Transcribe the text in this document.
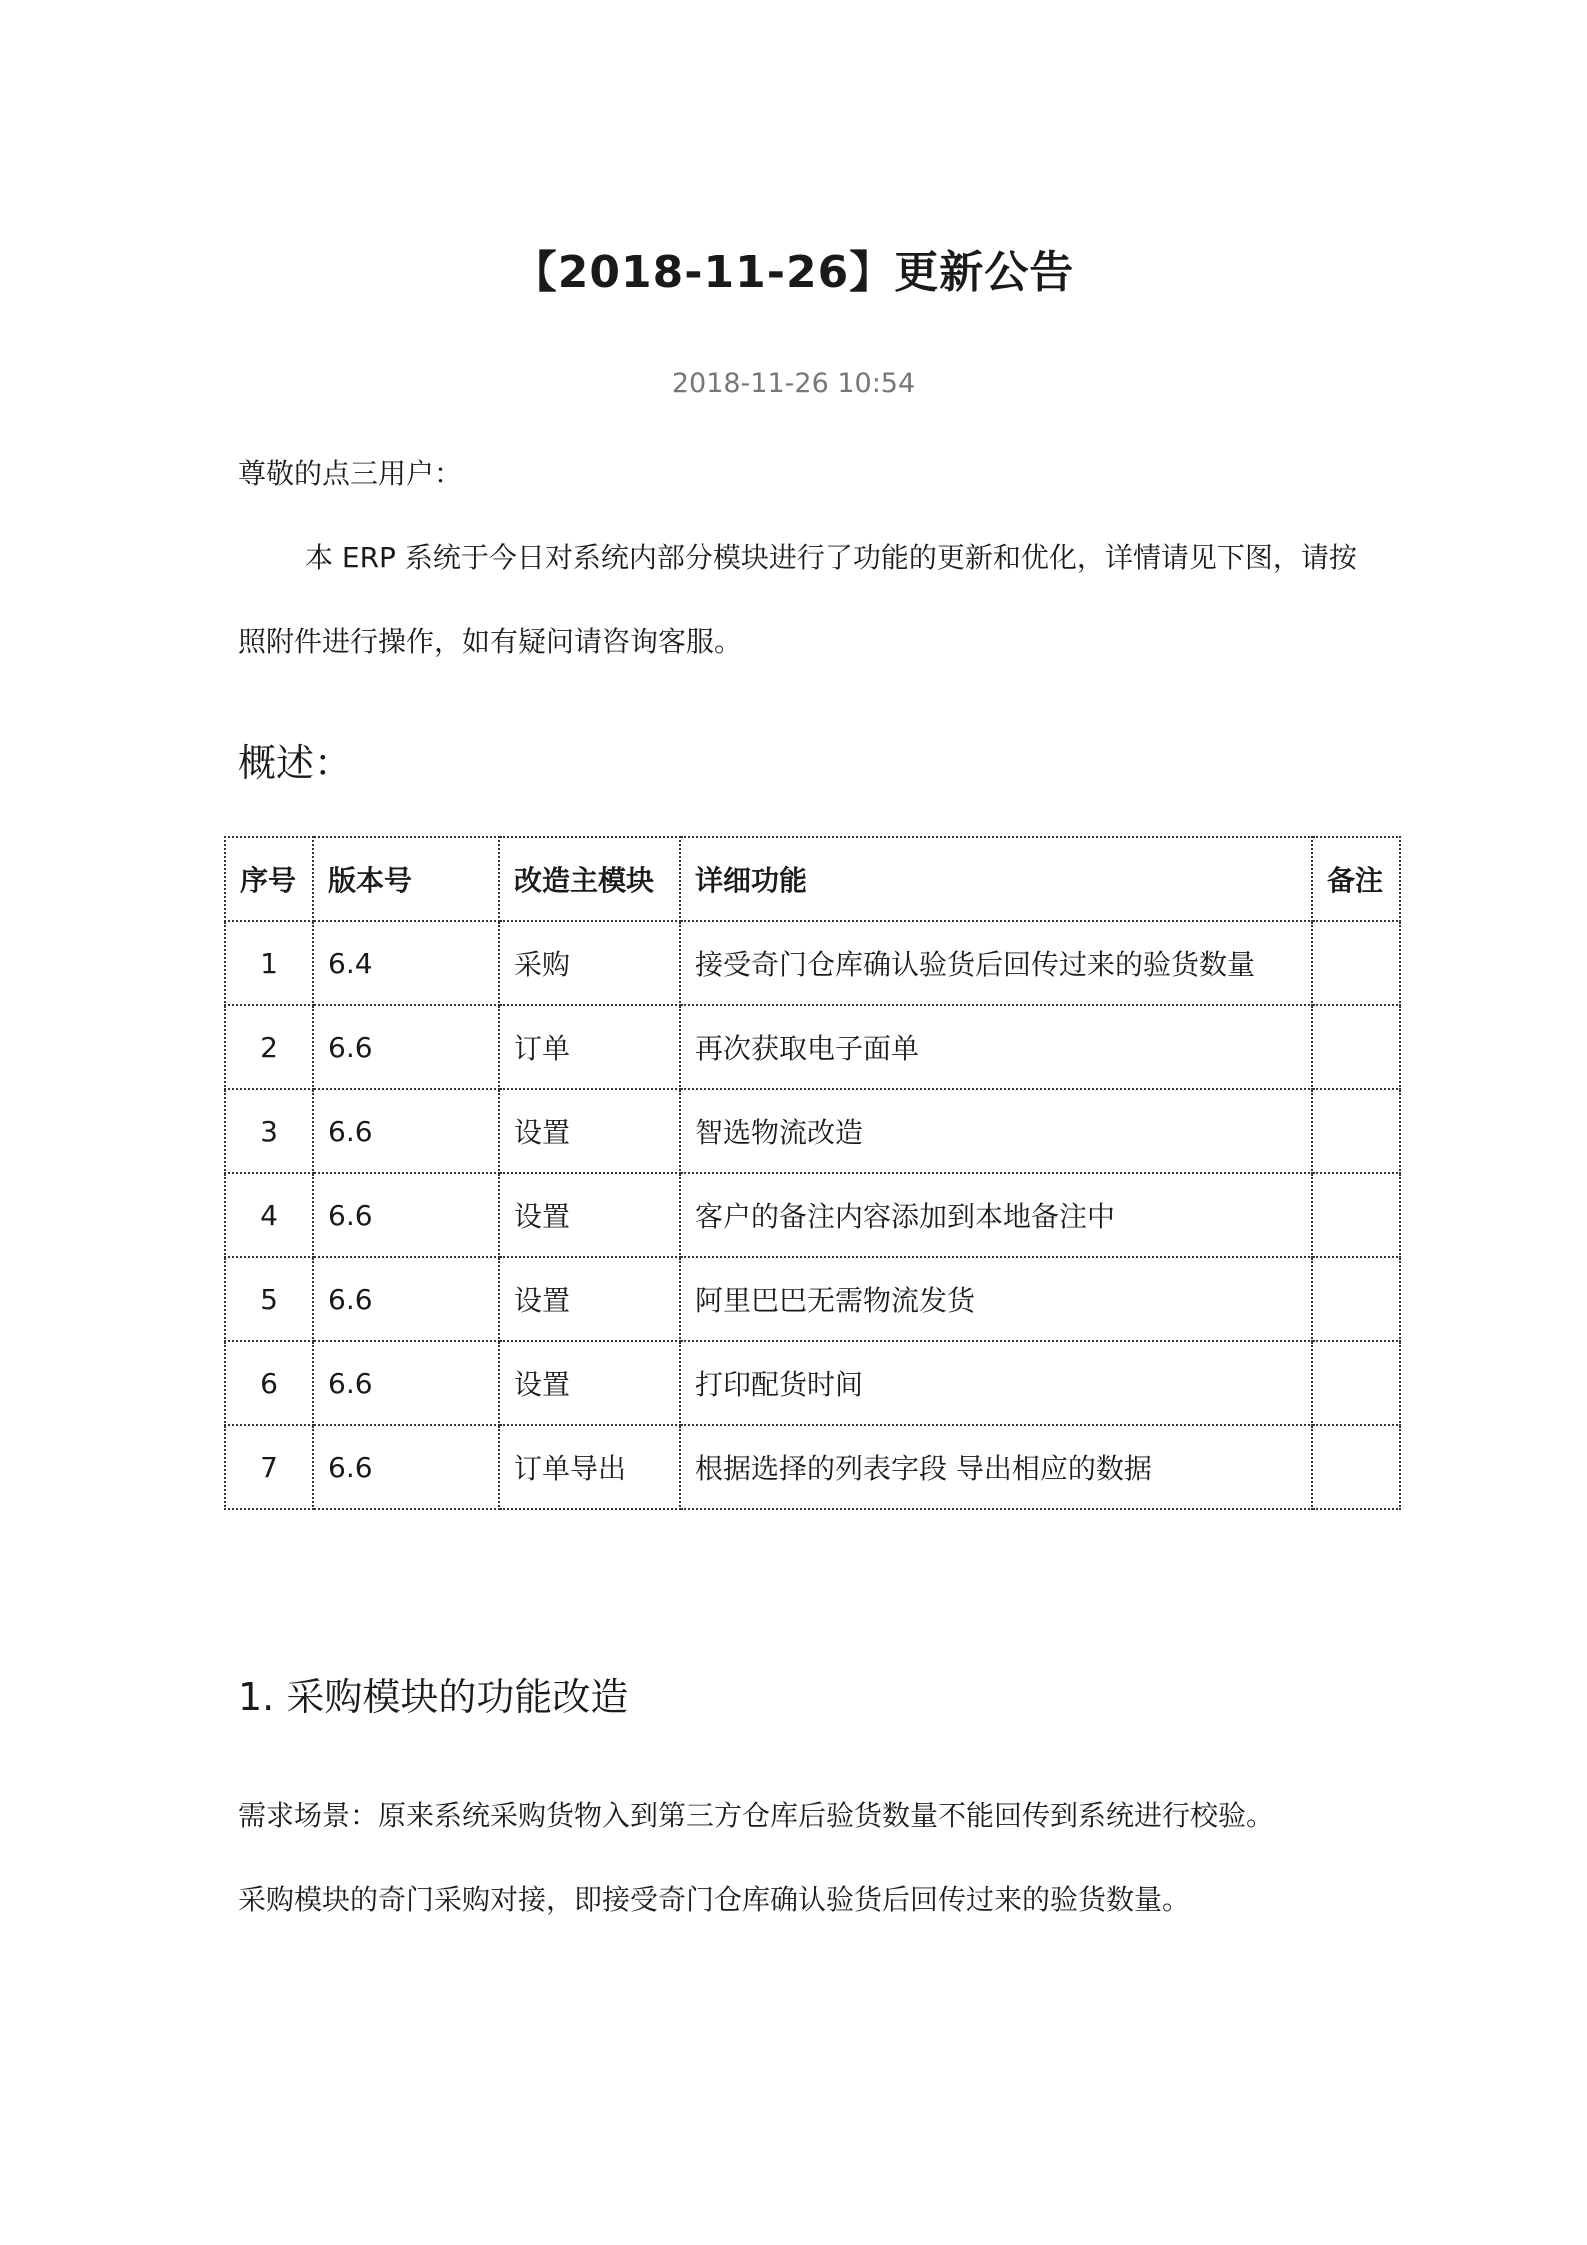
【2018-11-26】更新公告
2018-11-26 10:54
尊敬的点三用户：
本 ERP 系统于今日对系统内部分模块进行了功能的更新和优化，详情请见下图，请按
照附件进行操作，如有疑问请咨询客服。
概述：
序号	版本号	改造主模块	详细功能	备注
1	6.4	采购	接受奇门仓库确认验货后回传过来的验货数量	
2	6.6	订单	再次获取电子面单	
3	6.6	设置	智选物流改造	
4	6.6	设置	客户的备注内容添加到本地备注中	
5	6.6	设置	阿里巴巴无需物流发货	
6	6.6	设置	打印配货时间	
7	6.6	订单导出	根据选择的列表字段 导出相应的数据	
1. 采购模块的功能改造
需求场景：原来系统采购货物入到第三方仓库后验货数量不能回传到系统进行校验。
采购模块的奇门采购对接，即接受奇门仓库确认验货后回传过来的验货数量。
